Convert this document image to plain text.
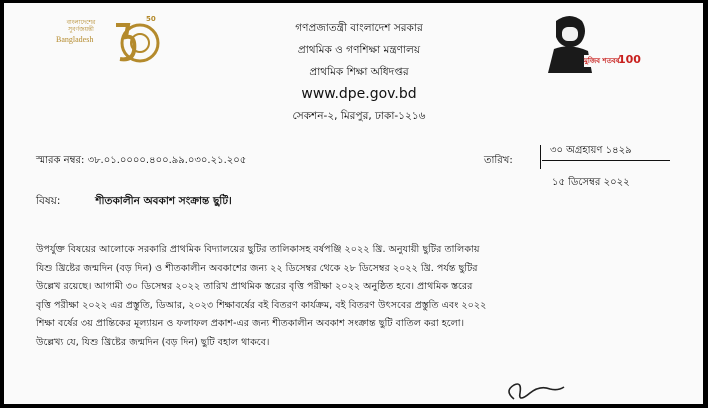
বাংলাদেশের সুবর্ণজয়ন্তী
Bangladesh
50
গণপ্রজাতন্ত্রী বাংলাদেশ সরকার
প্রাথমিক ও গণশিক্ষা মন্ত্রণালয়
প্রাথমিক শিক্ষা অধিদপ্তর
www.dpe.gov.bd
সেকশন-২, মিরপুর, ঢাকা-১২১৬
মুজিব শতবর্ষ
100
স্মারক নম্বর: ৩৮.০১.০০০০.৪০০.৯৯.০৩০.২১.২০৫	তারিখ:
৩০ অগ্রহায়ণ ১৪২৯
১৫ ডিসেম্বর ২০২২
বিষয়:	শীতকালীন অবকাশ সংক্রান্ত ছুটি।

উপর্যুক্ত বিষয়ের আলোকে সরকারি প্রাথমিক বিদ্যালয়ের ছুটির তালিকাসহ বর্ষপঞ্জি ২০২২ খ্রি. অনুযায়ী ছুটির তালিকায়

যিশু খ্রিষ্টের জন্মদিন (বড় দিন) ও শীতকালীন অবকাশের জন্য ২২ ডিসেম্বর থেকে ২৮ ডিসেম্বর ২০২২ খ্রি. পর্যন্ত ছুটির

উল্লেখ রয়েছে। আগামী ৩০ ডিসেম্বর ২০২২ তারিখ প্রাথমিক স্তরের বৃত্তি পরীক্ষা ২০২২ অনুষ্ঠিত হবে। প্রাথমিক স্তরের

বৃত্তি পরীক্ষা ২০২২ এর প্রস্তুতি, ডিআর, ২০২৩ শিক্ষাবর্ষের বই বিতরণ কার্যক্রম, বই বিতরণ উৎসবের প্রস্তুতি এবং ২০২২

শিক্ষা বর্ষের ৩য় প্রান্তিকের মূল্যায়ন ও ফলাফল প্রকাশ-এর জন্য শীতকালীন অবকাশ সংক্রান্ত ছুটি বাতিল করা হলো।

উল্লেখ্য যে, যিশু খ্রিষ্টের জন্মদিন (বড় দিন) ছুটি বহাল থাকবে।
